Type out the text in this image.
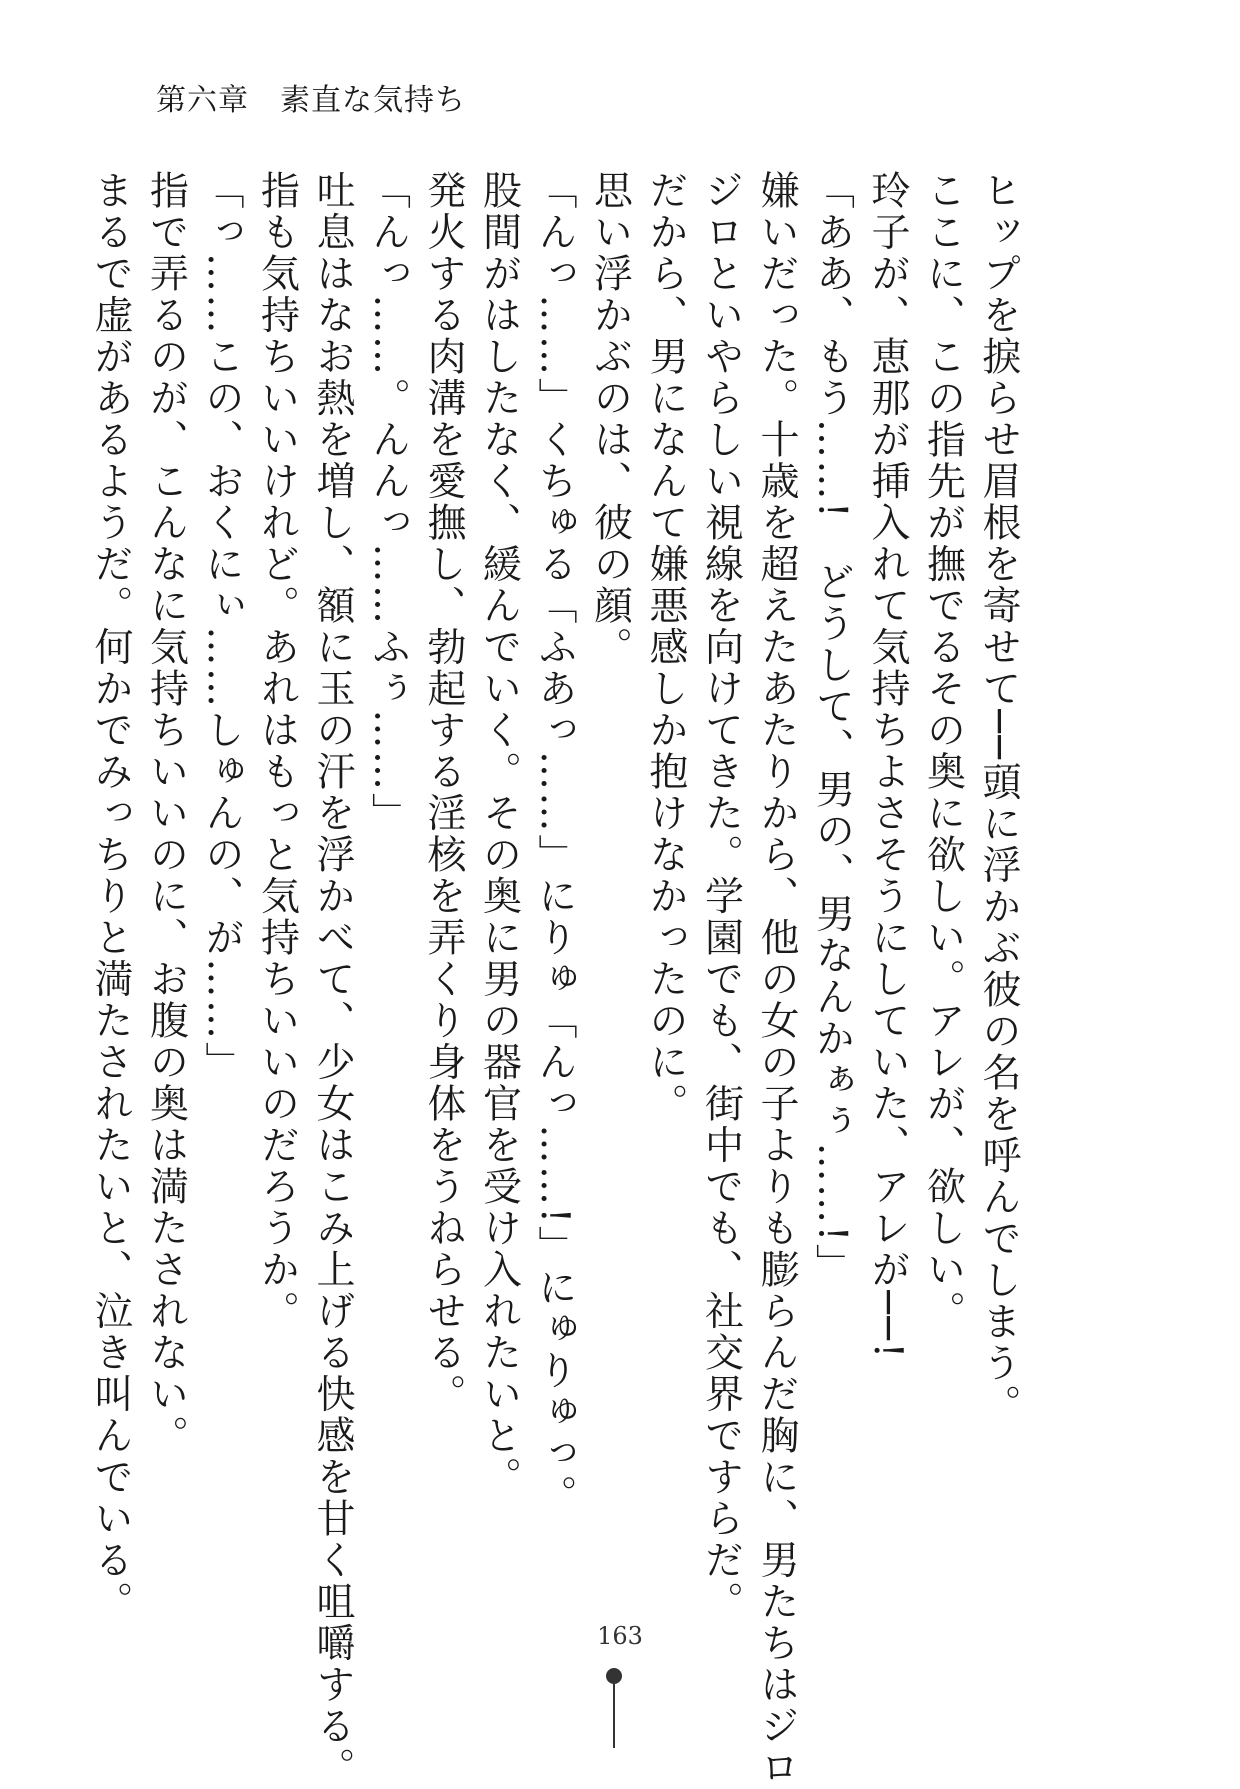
第六章　素直な気持ち

ヒップを捩らせ眉根を寄せて──頭に浮かぶ彼の名を呼んでしまう。

ここに、この指先が撫でるその奥に欲しい。アレが、欲しい。

玲子が、恵那が挿入れて気持ちよさそうにしていた、アレが──!

「ああ、もう……!　どうして、男の、男なんかぁぅ……!」

嫌いだった。十歳を超えたあたりから、他の女の子よりも膨らんだ胸に、男たちはジロ

ジロといやらしい視線を向けてきた。学園でも、街中でも、社交界ですらだ。

だから、男になんて嫌悪感しか抱けなかったのに。

思い浮かぶのは、彼の顔。

「んっ……」くちゅる「ふあっ……」にりゅ「んっ……!」にゅりゅっ。

股間がはしたなく、緩んでいく。その奥に男の器官を受け入れたいと。

発火する肉溝を愛撫し、勃起する淫核を弄くり身体をうねらせる。

「んっ……。んんっ……ふぅ……」

吐息はなお熱を増し、額に玉の汗を浮かべて、少女はこみ上げる快感を甘く咀嚼する。

指も気持ちいいけれど。あれはもっと気持ちいいのだろうか。

「っ……この、おくにぃ……しゅんの、が……」

指で弄るのが、こんなに気持ちいいのに、お腹の奥は満たされない。

まるで虚があるようだ。何かでみっちりと満たされたいと、泣き叫んでいる。

163
